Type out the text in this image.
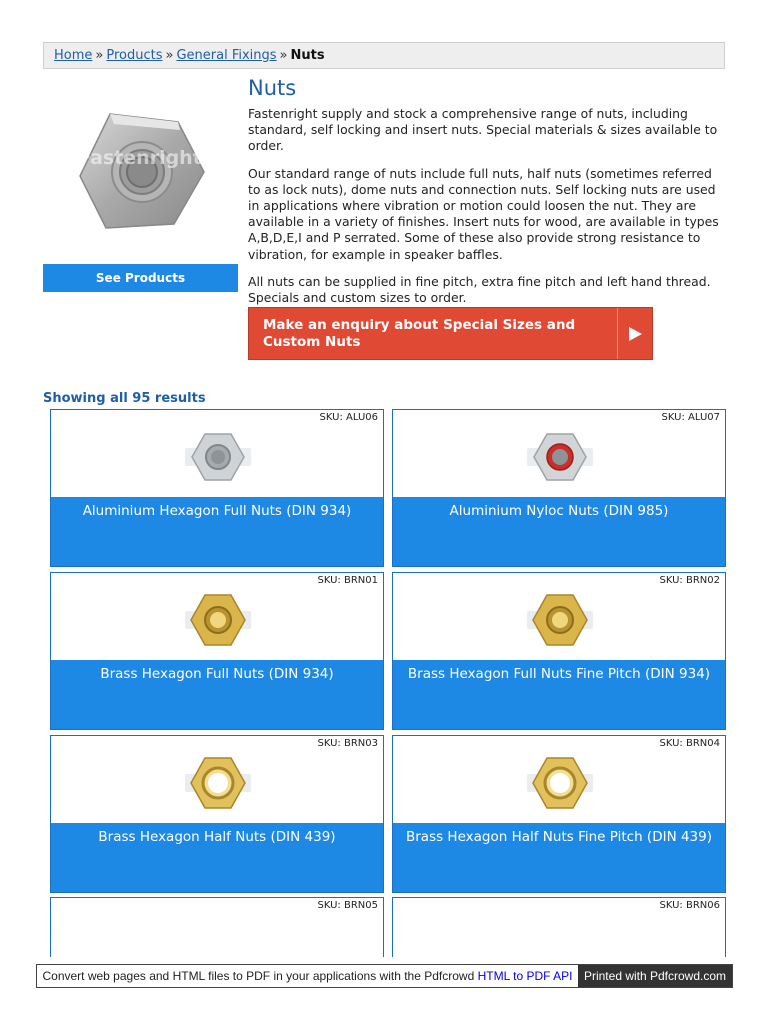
Home » Products » General Fixings » Nuts
Fastenright
See Products
Nuts

Fastenright supply and stock a comprehensive range of nuts, including standard, self locking and insert nuts. Special materials & sizes available to order.

Our standard range of nuts include full nuts, half nuts (sometimes referred to as lock nuts), dome nuts and connection nuts. Self locking nuts are used in applications where vibration or motion could loosen the nut. They are available in a variety of finishes. Insert nuts for wood, are available in types A,B,D,E,I and P serrated. Some of these also provide strong resistance to vibration, for example in speaker baffles.

All nuts can be supplied in fine pitch, extra fine pitch and left hand thread. Specials and custom sizes to order.

Make an enquiry about Special Sizes and Custom Nuts
Showing all 95 results
SKU: ALU06
Aluminium Hexagon Full Nuts (DIN 934)
SKU: ALU07
Aluminium Nyloc Nuts (DIN 985)
SKU: BRN01
Brass Hexagon Full Nuts (DIN 934)
SKU: BRN02
Brass Hexagon Full Nuts Fine Pitch (DIN 934)
SKU: BRN03
Brass Hexagon Half Nuts (DIN 439)
SKU: BRN04
Brass Hexagon Half Nuts Fine Pitch (DIN 439)
SKU: BRN05	SKU: BRN06
Convert web pages and HTML files to PDF in your applications with the Pdfcrowd HTML to PDF API Printed with Pdfcrowd.com
